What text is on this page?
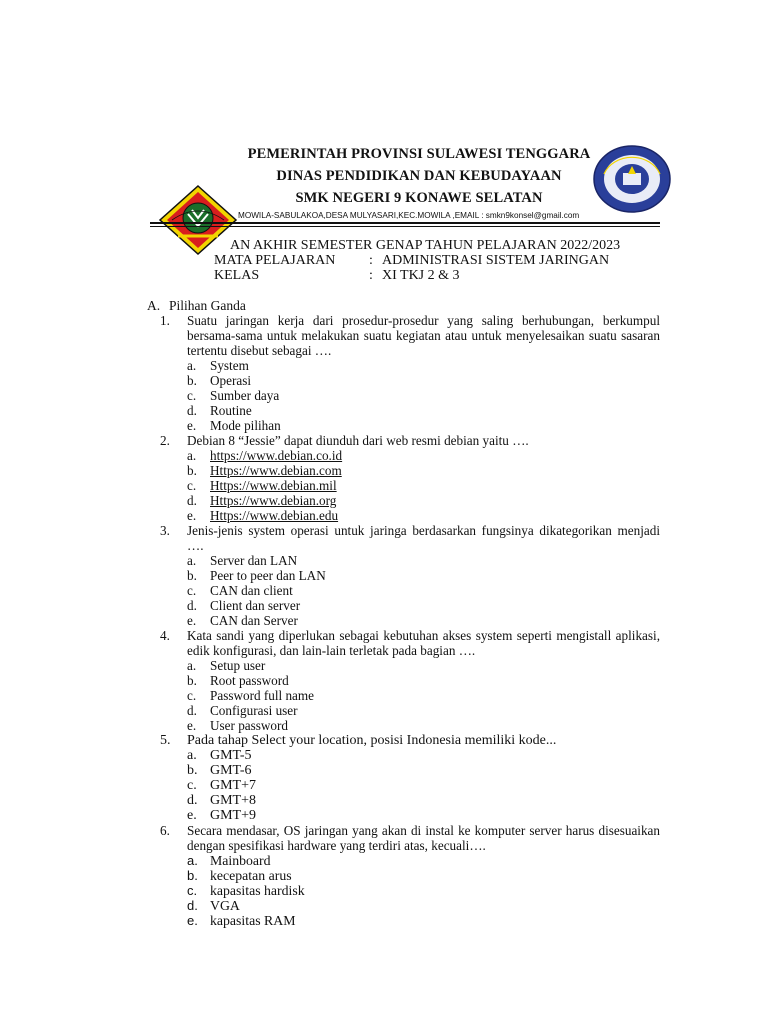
PEMERINTAH PROVINSI SULAWESI TENGGARA
DINAS PENDIDIKAN DAN KEBUDAYAAN
SMK NEGERI 9 KONAWE SELATAN
MOWILA-SABULAKOA,DESA MULYASARI,KEC.MOWILA ,EMAIL : smkn9konsel@gmail.com
AN AKHIR SEMESTER GENAP TAHUN PELAJARAN 2022/2023
MATA PELAJARAN : ADMINISTRASI SISTEM JARINGAN
KELAS	: XI TKJ 2 & 3
A. Pilihan Ganda
1.	Suatu jaringan kerja dari prosedur-prosedur yang saling berhubungan, berkumpul bersama-sama untuk melakukan suatu kegiatan atau untuk menyelesaikan suatu sasaran tertentu disebut sebagai ….
a. System
b. Operasi
c. Sumber daya
d. Routine
e. Mode pilihan
2.	Debian 8 “Jessie” dapat diunduh dari web resmi debian yaitu ….
a. https://www.debian.co.id
b. Https://www.debian.com
c. Https://www.debian.mil
d. Https://www.debian.org
e. Https://www.debian.edu
3.	Jenis-jenis system operasi untuk jaringa berdasarkan fungsinya dikategorikan menjadi ….
a. Server dan LAN
b. Peer to peer dan LAN
c. CAN dan client
d. Client dan server
e. CAN dan Server
4.	Kata sandi yang diperlukan sebagai kebutuhan akses system seperti mengistall aplikasi, edik konfigurasi, dan lain-lain terletak pada bagian ….
a. Setup user
b. Root password
c. Password full name
d. Configurasi user
e. User password
5.	Pada tahap Select your location, posisi Indonesia memiliki kode...
a. GMT-5
b. GMT-6
c. GMT+7
d. GMT+8
e. GMT+9
6.	Secara mendasar, OS jaringan yang akan di instal ke komputer server harus disesuaikan dengan spesifikasi hardware yang terdiri atas, kecuali….
a. Mainboard
b. kecepatan arus
c. kapasitas hardisk
d. VGA
e. kapasitas RAM
